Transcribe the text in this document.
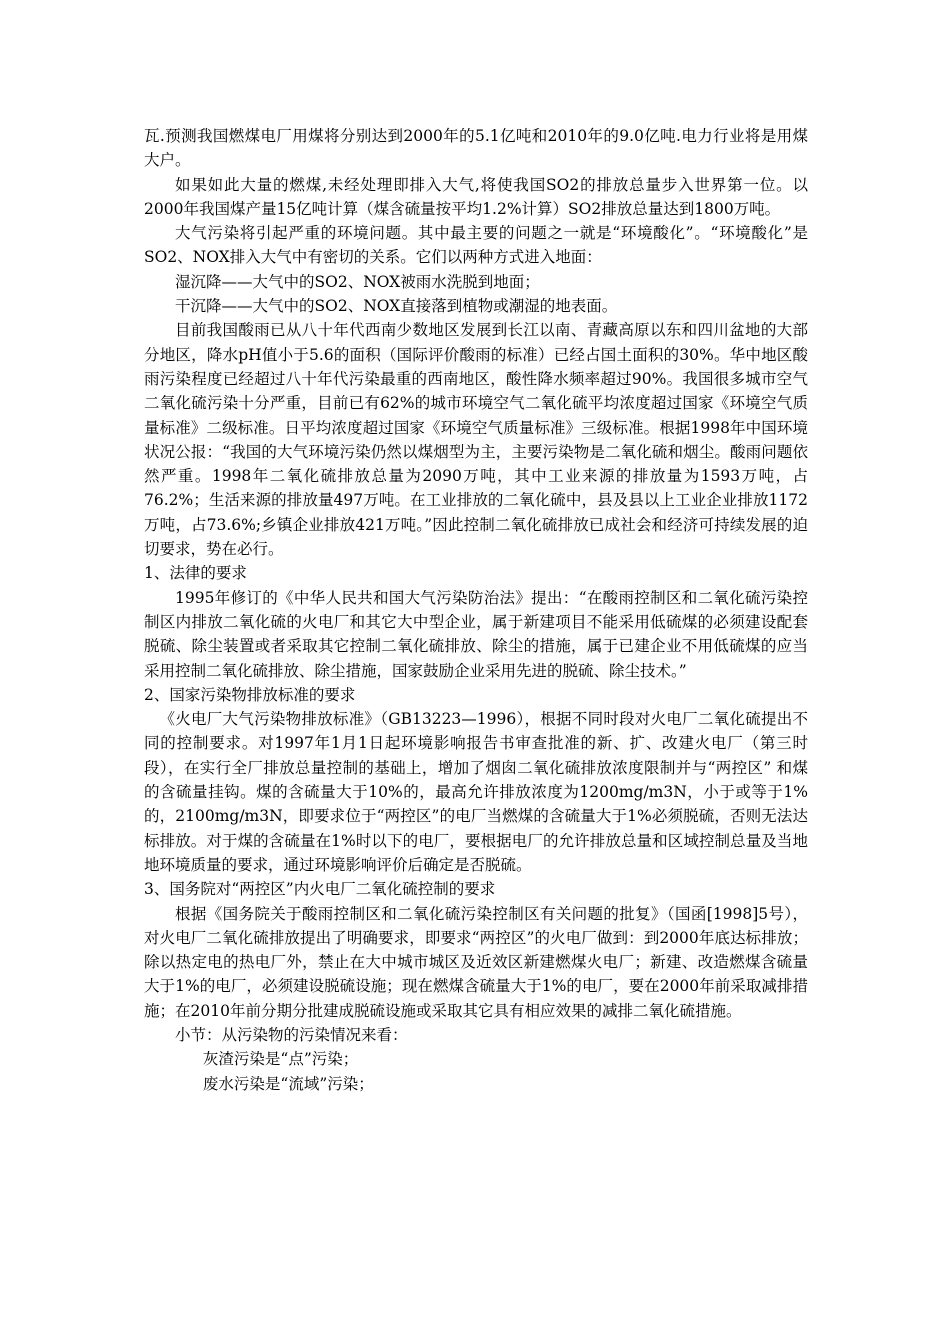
瓦.预测我国燃煤电厂用煤将分别达到2000年的5.1亿吨和2010年的9.0亿吨.电力行业将是用煤大户。

如果如此大量的燃煤,未经处理即排入大气,将使我国SO2的排放总量步入世界第一位。以2000年我国煤产量15亿吨计算（煤含硫量按平均1.2%计算）SO2排放总量达到1800万吨。

大气污染将引起严重的环境问题。其中最主要的问题之一就是“环境酸化”。“环境酸化”是SO2、NOX排入大气中有密切的关系。它们以两种方式进入地面：

湿沉降——大气中的SO2、NOX被雨水洗脱到地面；

干沉降——大气中的SO2、NOX直接落到植物或潮湿的地表面。

目前我国酸雨已从八十年代西南少数地区发展到长江以南、青藏高原以东和四川盆地的大部分地区，降水pH值小于5.6的面积（国际评价酸雨的标准）已经占国土面积的30%。华中地区酸雨污染程度已经超过八十年代污染最重的西南地区，酸性降水频率超过90%。我国很多城市空气二氧化硫污染十分严重，目前已有62%的城市环境空气二氧化硫平均浓度超过国家《环境空气质量标准》二级标准。日平均浓度超过国家《环境空气质量标准》三级标准。根据1998年中国环境状况公报：“我国的大气环境污染仍然以煤烟型为主，主要污染物是二氧化硫和烟尘。酸雨问题依然严重。1998年二氧化硫排放总量为2090万吨，其中工业来源的排放量为1593万吨，占76.2%；生活来源的排放量497万吨。在工业排放的二氧化硫中，县及县以上工业企业排放1172万吨，占73.6%;乡镇企业排放421万吨。”因此控制二氧化硫排放已成社会和经济可持续发展的迫切要求，势在必行。

1、法律的要求

1995年修订的《中华人民共和国大气污染防治法》提出：“在酸雨控制区和二氧化硫污染控制区内排放二氧化硫的火电厂和其它大中型企业，属于新建项目不能采用低硫煤的必须建设配套脱硫、除尘装置或者采取其它控制二氧化硫排放、除尘的措施，属于已建企业不用低硫煤的应当采用控制二氧化硫排放、除尘措施，国家鼓励企业采用先进的脱硫、除尘技术。”

2、国家污染物排放标准的要求

《火电厂大气污染物排放标准》（GB13223—1996），根据不同时段对火电厂二氧化硫提出不同的控制要求。对1997年1月1日起环境影响报告书审查批准的新、扩、改建火电厂（第三时段），在实行全厂排放总量控制的基础上，增加了烟囱二氧化硫排放浓度限制并与“两控区” 和煤的含硫量挂钩。煤的含硫量大于10%的，最高允许排放浓度为1200mg/m3N，小于或等于1%的，2100mg/m3N，即要求位于“两控区”的电厂当燃煤的含硫量大于1%必须脱硫，否则无法达标排放。对于煤的含硫量在1%时以下的电厂，要根据电厂的允许排放总量和区域控制总量及当地地环境质量的要求，通过环境影响评价后确定是否脱硫。

3、国务院对“两控区”内火电厂二氧化硫控制的要求

根据《国务院关于酸雨控制区和二氧化硫污染控制区有关问题的批复》（国函[1998]5号），对火电厂二氧化硫排放提出了明确要求，即要求“两控区”的火电厂做到：到2000年底达标排放；除以热定电的热电厂外，禁止在大中城市城区及近效区新建燃煤火电厂；新建、改造燃煤含硫量大于1%的电厂，必须建设脱硫设施；现在燃煤含硫量大于1%的电厂，要在2000年前采取减排措施；在2010年前分期分批建成脱硫设施或采取其它具有相应效果的减排二氧化硫措施。

小节：从污染物的污染情况来看：

灰渣污染是“点”污染；

废水污染是“流域”污染；
